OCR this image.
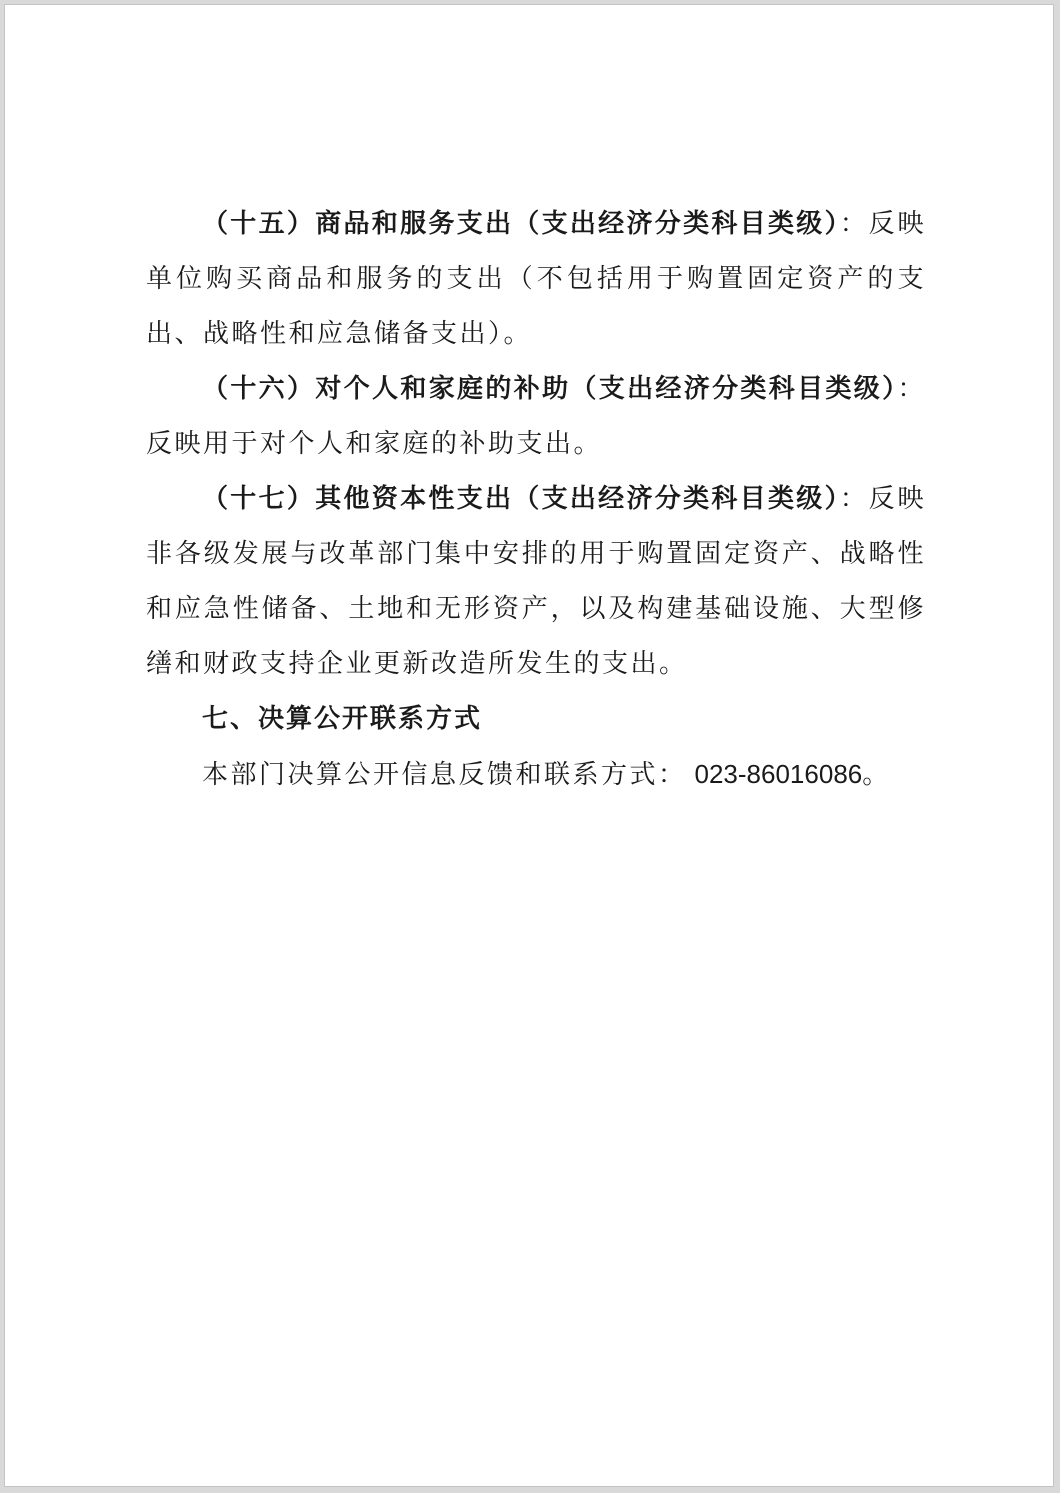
（十五）商品和服务支出（支出经济分类科目类级）：反映单位购买商品和服务的支出（不包括用于购置固定资产的支出、战略性和应急储备支出）。

（十六）对个人和家庭的补助（支出经济分类科目类级）：反映用于对个人和家庭的补助支出。

（十七）其他资本性支出（支出经济分类科目类级）：反映非各级发展与改革部门集中安排的用于购置固定资产、战略性和应急性储备、土地和无形资产，以及构建基础设施、大型修缮和财政支持企业更新改造所发生的支出。

七、决算公开联系方式

本部门决算公开信息反馈和联系方式： 023-86016086。
